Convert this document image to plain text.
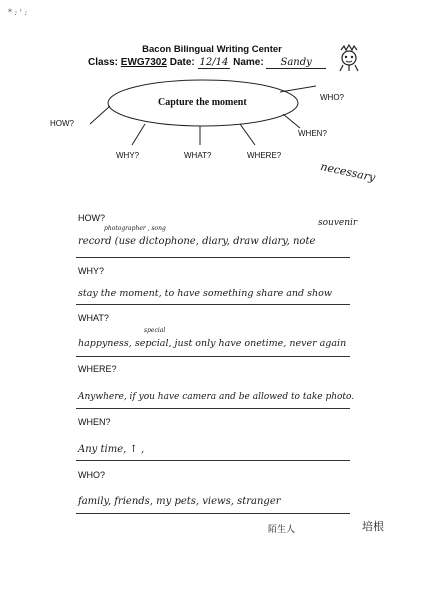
* : ' :
Bacon Bilingual Writing Center
Class: EWG7302 Date: 12/14 Name: Sandy
Capture the moment
HOW?
WHO?
WHEN?
WHY?	WHAT?	WHERE?
necessary
HOW?
photographer , song
souvenir
record (use dictophone, diary, draw diary, note
WHY?
stay the moment, to have something share and show
WHAT?
special
happyness, sepcial, just only have onetime, never again
WHERE?
Anywhere, if you have camera and be allowed to take photo.
WHEN?
Any time, ↑ ,
WHO?
family, friends, my pets, views, stranger
陌生人	培根
